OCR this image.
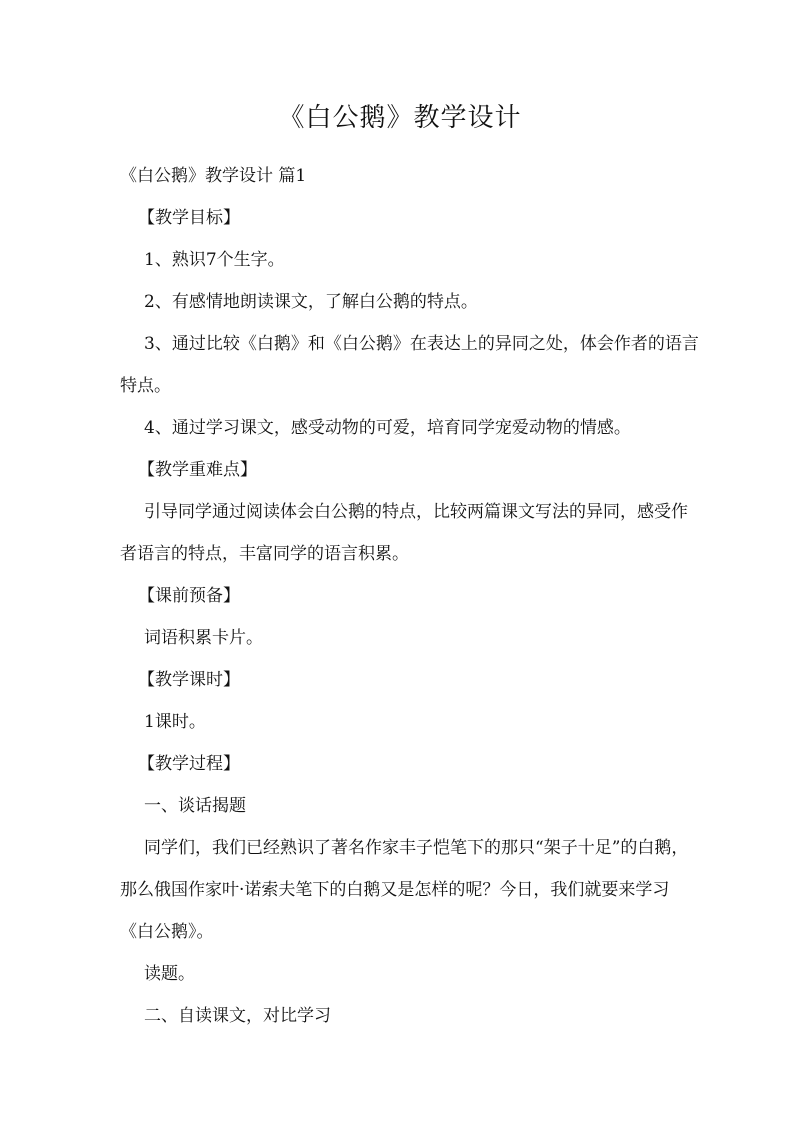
《白公鹅》教学设计

《白公鹅》教学设计 篇1

【教学目标】

1、熟识7个生字。

2、有感情地朗读课文，了解白公鹅的特点。

3、通过比较《白鹅》和《白公鹅》在表达上的异同之处，体会作者的语言特点。

4、通过学习课文，感受动物的可爱，培育同学宠爱动物的情感。

【教学重难点】

引导同学通过阅读体会白公鹅的特点，比较两篇课文写法的异同，感受作者语言的特点，丰富同学的语言积累。

【课前预备】

词语积累卡片。

【教学课时】

1课时。

【教学过程】

一、谈话揭题

同学们，我们已经熟识了著名作家丰子恺笔下的那只“架子十足”的白鹅，那么俄国作家叶·诺索夫笔下的白鹅又是怎样的呢？今日，我们就要来学习《白公鹅》。

读题。

二、自读课文，对比学习
